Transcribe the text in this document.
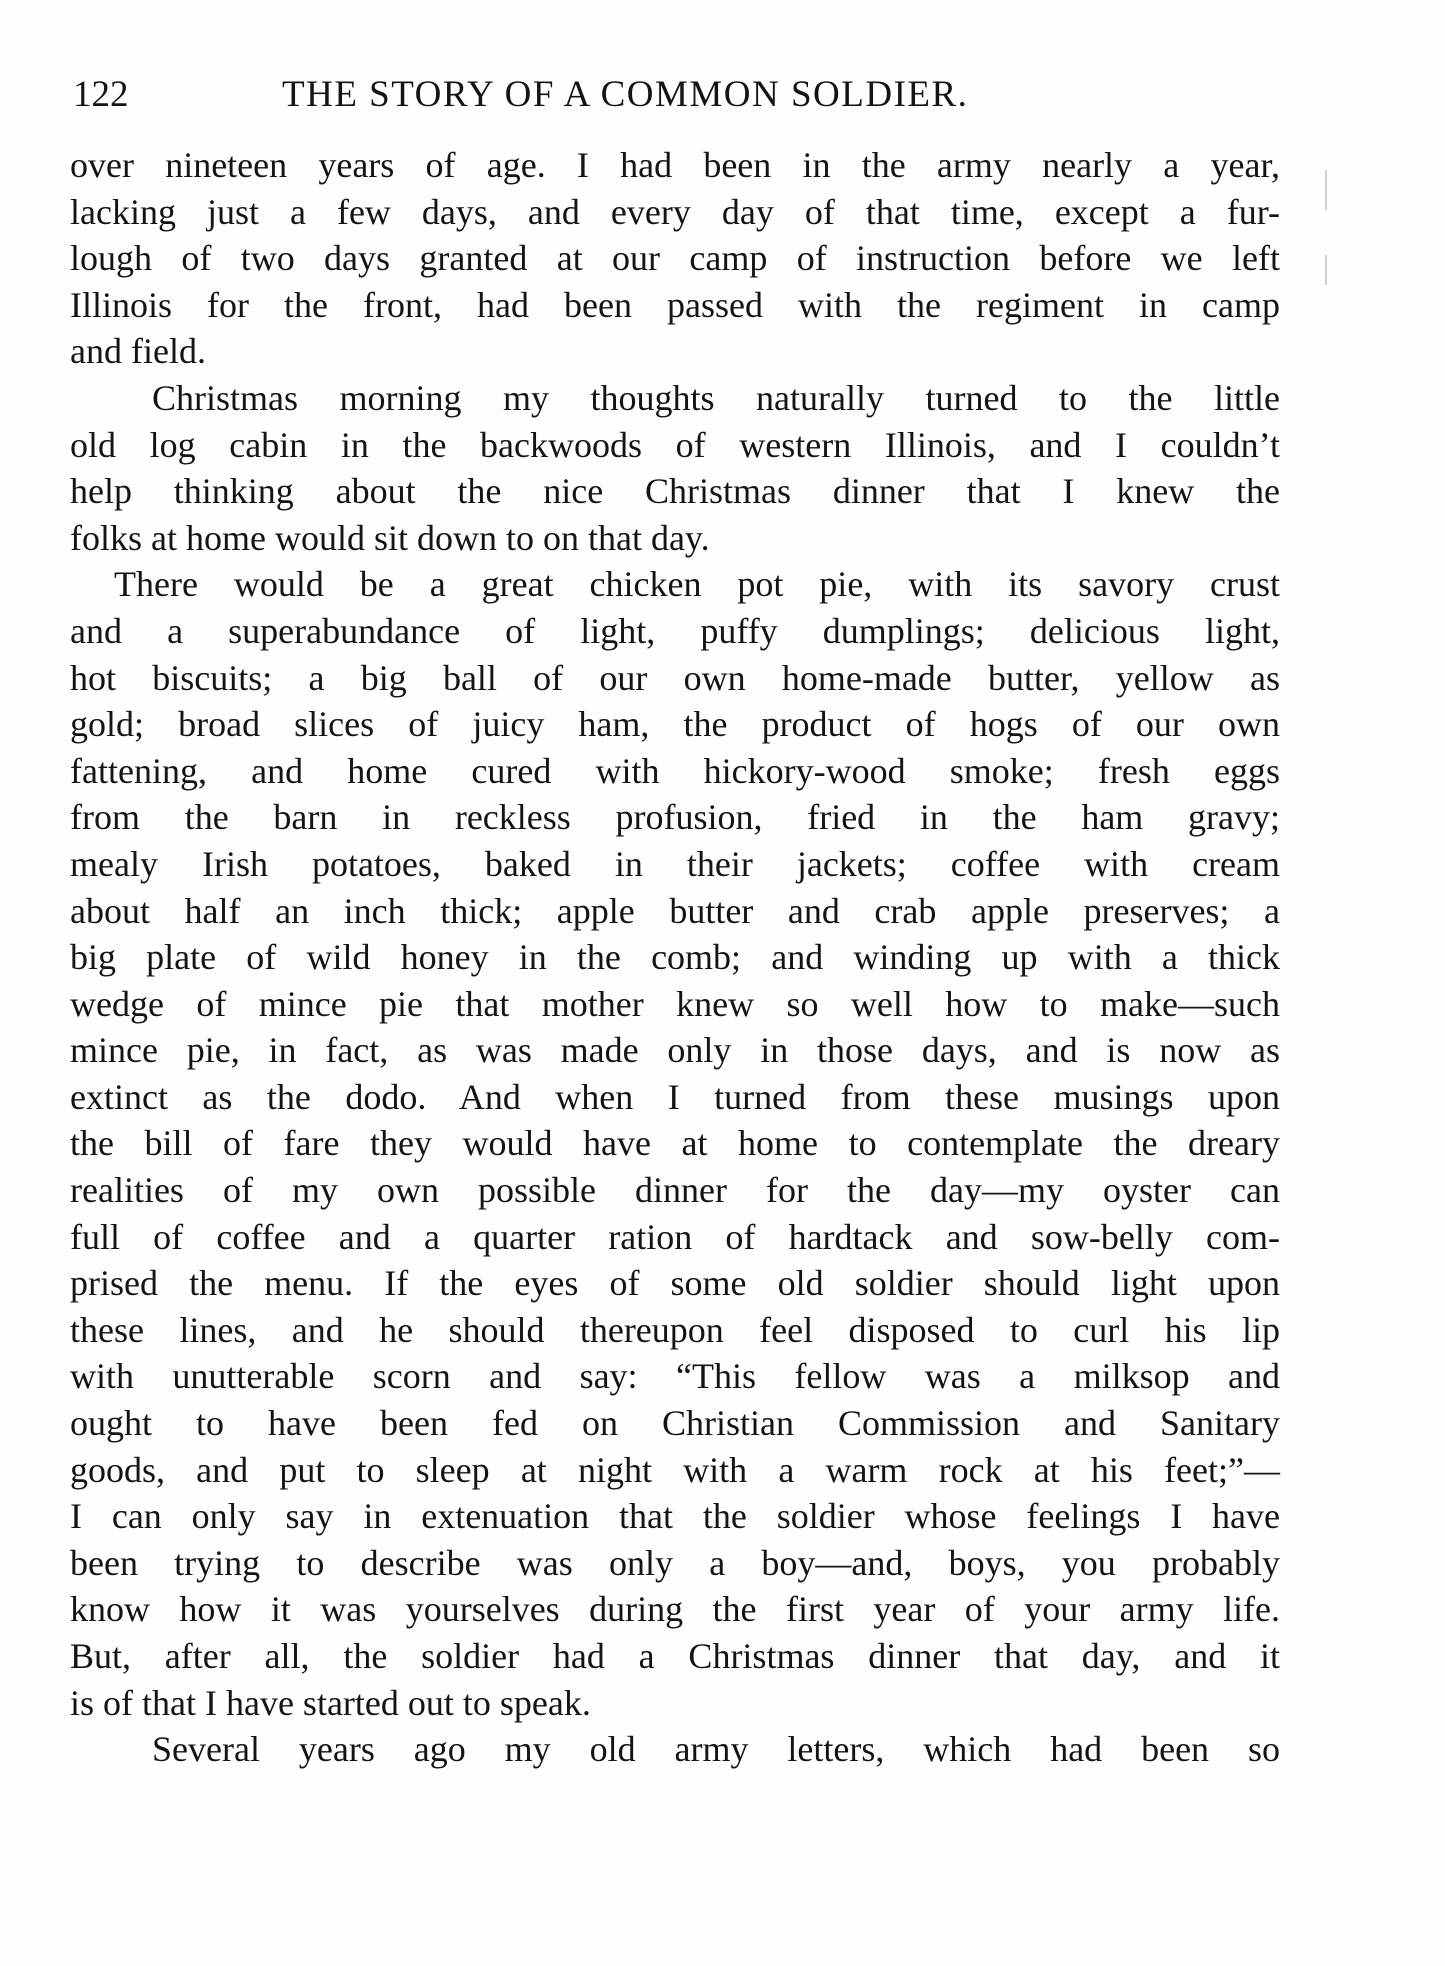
122	THE STORY OF A COMMON SOLDIER.
over nineteen years of age. I had been in the army nearly a year,
lacking just a few days, and every day of that time, except a fur-
lough of two days granted at our camp of instruction before we left
Illinois for the front, had been passed with the regiment in camp
and field.
Christmas morning my thoughts naturally turned to the little
old log cabin in the backwoods of western Illinois, and I couldn’t
help thinking about the nice Christmas dinner that I knew the
folks at home would sit down to on that day.
There would be a great chicken pot pie, with its savory crust
and a superabundance of light, puffy dumplings; delicious light,
hot biscuits; a big ball of our own home-made butter, yellow as
gold; broad slices of juicy ham, the product of hogs of our own
fattening, and home cured with hickory-wood smoke; fresh eggs
from the barn in reckless profusion, fried in the ham gravy;
mealy Irish potatoes, baked in their jackets; coffee with cream
about half an inch thick; apple butter and crab apple preserves; a
big plate of wild honey in the comb; and winding up with a thick
wedge of mince pie that mother knew so well how to make—such
mince pie, in fact, as was made only in those days, and is now as
extinct as the dodo. And when I turned from these musings upon
the bill of fare they would have at home to contemplate the dreary
realities of my own possible dinner for the day—my oyster can
full of coffee and a quarter ration of hardtack and sow-belly com-
prised the menu. If the eyes of some old soldier should light upon
these lines, and he should thereupon feel disposed to curl his lip
with unutterable scorn and say: “This fellow was a milksop and
ought to have been fed on Christian Commission and Sanitary
goods, and put to sleep at night with a warm rock at his feet;”—
I can only say in extenuation that the soldier whose feelings I have
been trying to describe was only a boy—and, boys, you probably
know how it was yourselves during the first year of your army life.
But, after all, the soldier had a Christmas dinner that day, and it
is of that I have started out to speak.
Several years ago my old army letters, which had been so
